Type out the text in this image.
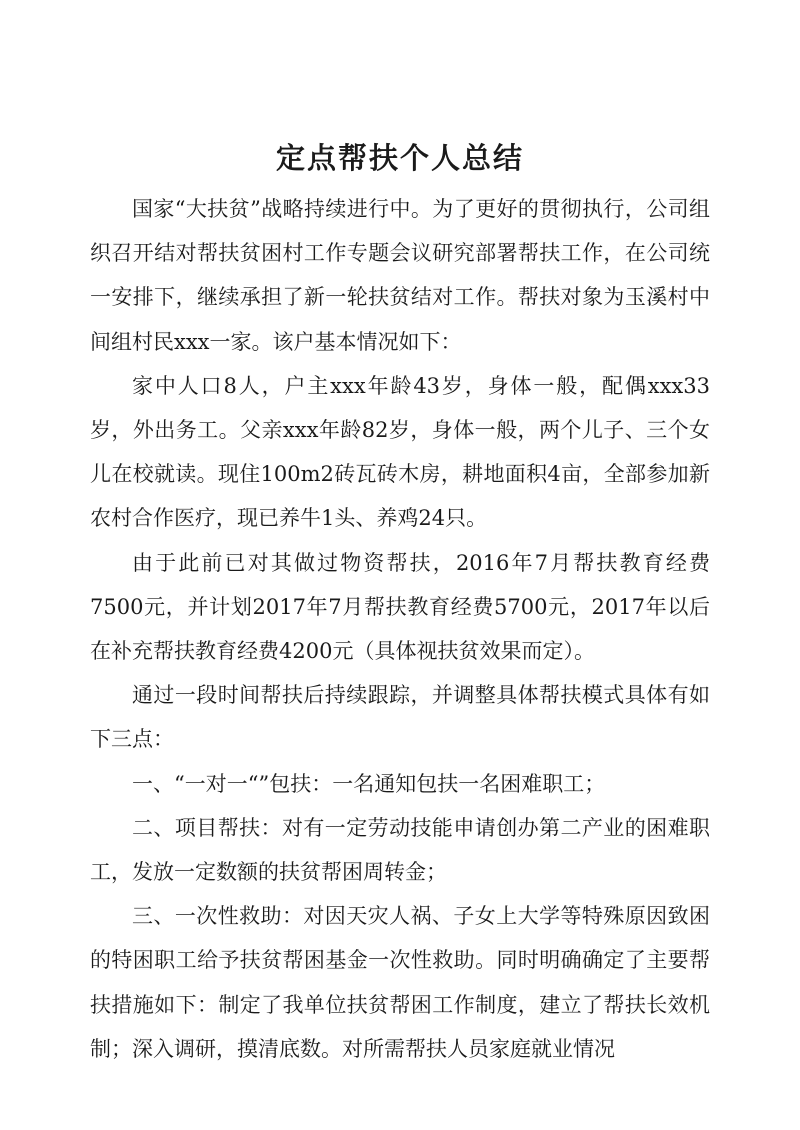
定点帮扶个人总结

国家“大扶贫”战略持续进行中。为了更好的贯彻执行，公司组织召开结对帮扶贫困村工作专题会议研究部署帮扶工作，在公司统一安排下，继续承担了新一轮扶贫结对工作。帮扶对象为玉溪村中间组村民xxx一家。该户基本情况如下：

家中人口8人，户主xxx年龄43岁，身体一般，配偶xxx33岁，外出务工。父亲xxx年龄82岁，身体一般，两个儿子、三个女儿在校就读。现住100m2砖瓦砖木房，耕地面积4亩，全部参加新农村合作医疗，现已养牛1头、养鸡24只。

由于此前已对其做过物资帮扶，2016年7月帮扶教育经费7500元，并计划2017年7月帮扶教育经费5700元，2017年以后在补充帮扶教育经费4200元（具体视扶贫效果而定）。

通过一段时间帮扶后持续跟踪，并调整具体帮扶模式具体有如下三点：

一、“一对一“”包扶：一名通知包扶一名困难职工；

二、项目帮扶：对有一定劳动技能申请创办第二产业的困难职工，发放一定数额的扶贫帮困周转金；

三、一次性救助：对因天灾人祸、子女上大学等特殊原因致困的特困职工给予扶贫帮困基金一次性救助。同时明确确定了主要帮扶措施如下：制定了我单位扶贫帮困工作制度，建立了帮扶长效机制；深入调研，摸清底数。对所需帮扶人员家庭就业情况
